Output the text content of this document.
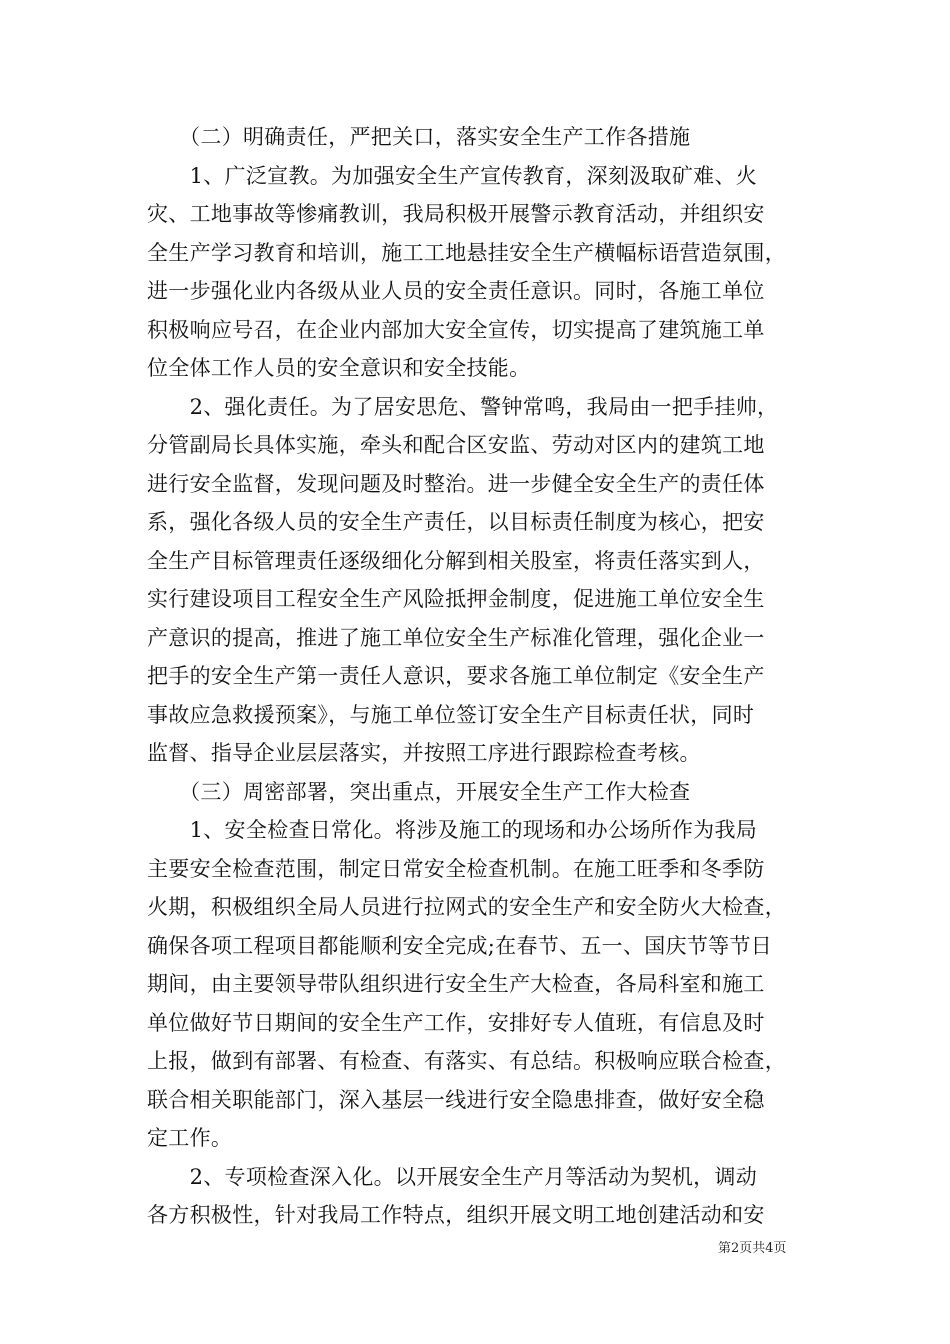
　　（二）明确责任，严把关口，落实安全生产工作各措施
　　1、广泛宣教。为加强安全生产宣传教育，深刻汲取矿难、火
灾、工地事故等惨痛教训，我局积极开展警示教育活动，并组织安
全生产学习教育和培训，施工工地悬挂安全生产横幅标语营造氛围，
进一步强化业内各级从业人员的安全责任意识。同时，各施工单位
积极响应号召，在企业内部加大安全宣传，切实提高了建筑施工单
位全体工作人员的安全意识和安全技能。
　　2、强化责任。为了居安思危、警钟常鸣，我局由一把手挂帅，
分管副局长具体实施，牵头和配合区安监、劳动对区内的建筑工地
进行安全监督，发现问题及时整治。进一步健全安全生产的责任体
系，强化各级人员的安全生产责任，以目标责任制度为核心，把安
全生产目标管理责任逐级细化分解到相关股室，将责任落实到人，
实行建设项目工程安全生产风险抵押金制度，促进施工单位安全生
产意识的提高，推进了施工单位安全生产标准化管理，强化企业一
把手的安全生产第一责任人意识，要求各施工单位制定《安全生产
事故应急救援预案》，与施工单位签订安全生产目标责任状，同时
监督、指导企业层层落实，并按照工序进行跟踪检查考核。
　　（三）周密部署，突出重点，开展安全生产工作大检查
　　1、安全检查日常化。将涉及施工的现场和办公场所作为我局
主要安全检查范围，制定日常安全检查机制。在施工旺季和冬季防
火期，积极组织全局人员进行拉网式的安全生产和安全防火大检查，
确保各项工程项目都能顺利安全完成;在春节、五一、国庆节等节日
期间，由主要领导带队组织进行安全生产大检查，各局科室和施工
单位做好节日期间的安全生产工作，安排好专人值班，有信息及时
上报，做到有部署、有检查、有落实、有总结。积极响应联合检查，
联合相关职能部门，深入基层一线进行安全隐患排查，做好安全稳
定工作。
　　2、专项检查深入化。以开展安全生产月等活动为契机，调动
各方积极性，针对我局工作特点，组织开展文明工地创建活动和安
第2页共4页
